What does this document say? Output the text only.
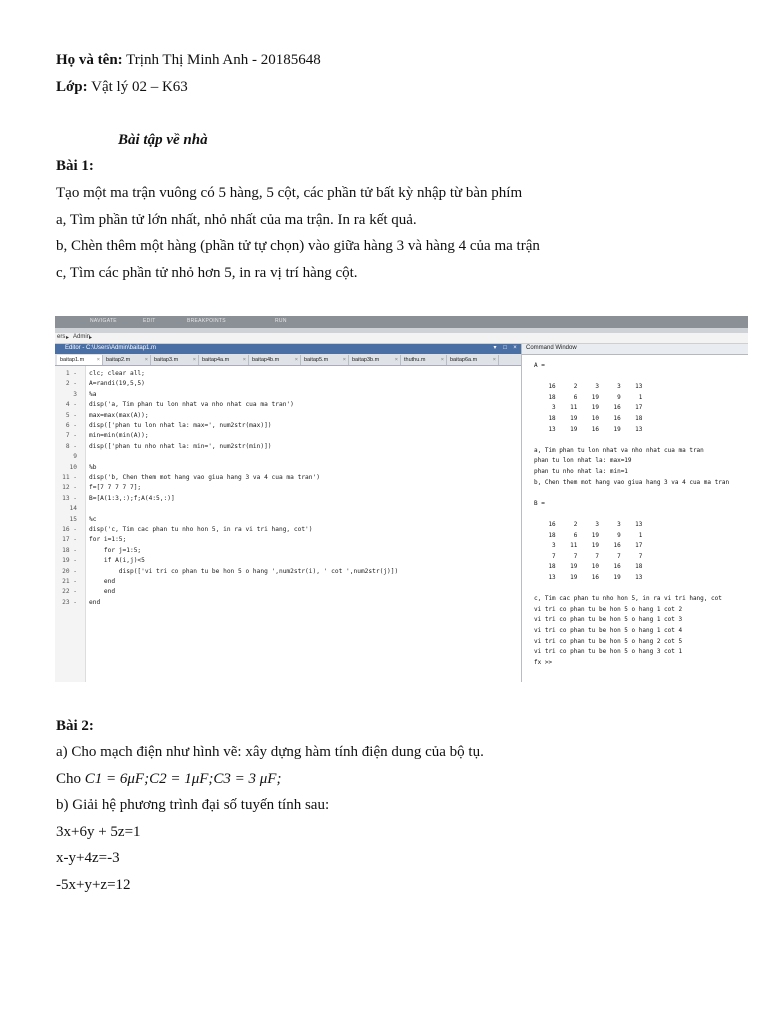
Họ và tên: Trịnh Thị Minh Anh - 20185648
Lớp: Vật lý 02 – K63
Bài tập về nhà
Bài 1:
Tạo một ma trận vuông có 5 hàng, 5 cột, các phần tử bất kỳ nhập từ bàn phím
a, Tìm phần tử lớn nhất, nhỏ nhất của ma trận. In ra kết quả.
b, Chèn thêm một hàng (phần tử tự chọn) vào giữa hàng 3 và hàng 4 của ma trận
c, Tìm các phần tử nhỏ hơn 5, in ra vị trí hàng cột.
NAVIGATE	EDIT	BREAKPOINTS	RUN
ers ▸ Admin
▸
Editor - C:\Users\Admin\baitap1.m	▾	□	×
baitap1.m ×	baitap2.m	×	baitap3.m	×	baitap4a.m ×	baitap4b.m	×	baitap5.m	×	baitap3b.m	×	thuthu.m	×	baitap6a.m	×
1 - clc; clear all;
2 - A=randi(19,5,5)
3 %a
4 - disp('a, Tim phan tu lon nhat va nho nhat cua ma tran')
5 - max=max(max(A));
6 - disp(['phan tu lon nhat la: max=', num2str(max)])
7 - min=min(min(A));
8 - disp(['phan tu nho nhat la: min=', num2str(min)])
9
10 %b
11 - disp('b, Chen them mot hang vao giua hang 3 va 4 cua ma tran')
12 - f=[7 7 7 7 7];
13 - B=[A(1:3,:);f;A(4:5,:)]
14
15 %c
16 - disp('c, Tim cac phan tu nho hon 5, in ra vi tri hang, cot')
17 - for i=1:5;
18 - for j=1:5;
19 - if A(i,j)<5
20 - disp(['vi tri co phan tu be hon 5 o hang ',num2str(i), ' cot ',num2str(j)])
21 - end
22 - end
23 - end
Command Window
A =
16     2     3     3    13
18     6    19     9     1
3    11    19    16    17
18    19    10    16    18
13    19    16    19    13
a, Tim phan tu lon nhat va nho nhat cua ma tran
phan tu lon nhat la: max=19
phan tu nho nhat la: min=1
b, Chen them mot hang vao giua hang 3 va 4 cua ma tran
B =
16     2     3     3    13
18     6    19     9     1
3    11    19    16    17
7     7     7     7     7
18    19    10    16    18
13    19    16    19    13
c, Tim cac phan tu nho hon 5, in ra vi tri hang, cot
vi tri co phan tu be hon 5 o hang 1 cot 2
vi tri co phan tu be hon 5 o hang 1 cot 3
vi tri co phan tu be hon 5 o hang 1 cot 4
vi tri co phan tu be hon 5 o hang 2 cot 5
vi tri co phan tu be hon 5 o hang 3 cot 1
fx >>
Bài 2:
a) Cho mạch điện như hình vẽ: xây dựng hàm tính điện dung của bộ tụ.
Cho C1 = 6μF;C2 = 1μF;C3 = 3 μF;
b) Giải hệ phương trình đại số tuyến tính sau:
3x+6y + 5z=1
x-y+4z=-3
-5x+y+z=12
